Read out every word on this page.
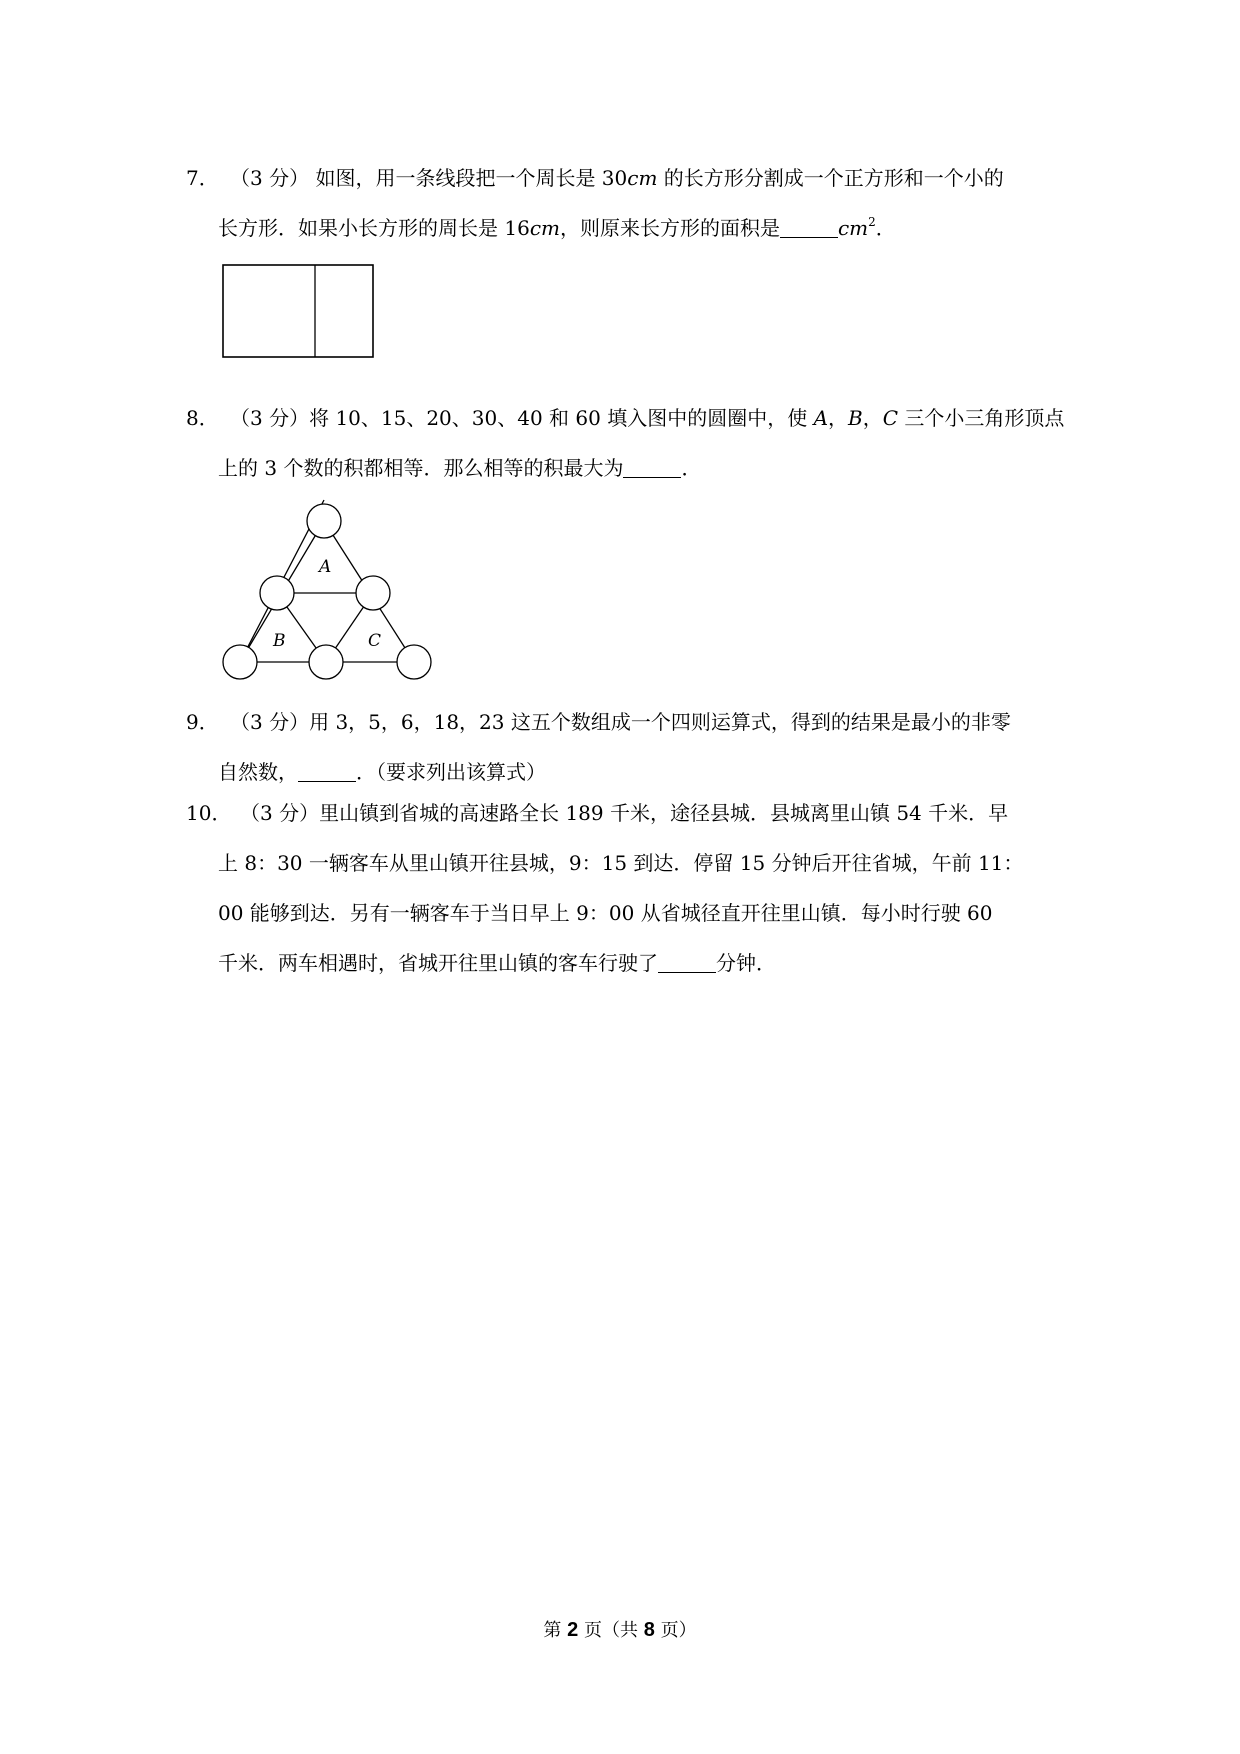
7． （3 分） 如图，用一条线段把一个周长是 30cm 的长方形分割成一个正方形和一个小的
长方形．如果小长方形的周长是 16cm，则原来长方形的面积是	$cm^2$．
8． （3 分）将 10、15、20、30、40 和 60 填入图中的圆圈中，使 A，B，C 三个小三角形顶点
上的 3 个数的积都相等．那么相等的积最大为	．
A
B	C
9． （3 分）用 3，5，6，18，23 这五个数组成一个四则运算式，得到的结果是最小的非零
自然数，	．（要求列出该算式）
10． （3 分）里山镇到省城的高速路全长 189 千米，途径县城．县城离里山镇 54 千米．早
上 8：30 一辆客车从里山镇开往县城，9：15 到达．停留 15 分钟后开往省城，午前 11：
00 能够到达．另有一辆客车于当日早上 9：00 从省城径直开往里山镇．每小时行驶 60
千米．两车相遇时，省城开往里山镇的客车行驶了	分钟．
第 2 页（共 8 页）
